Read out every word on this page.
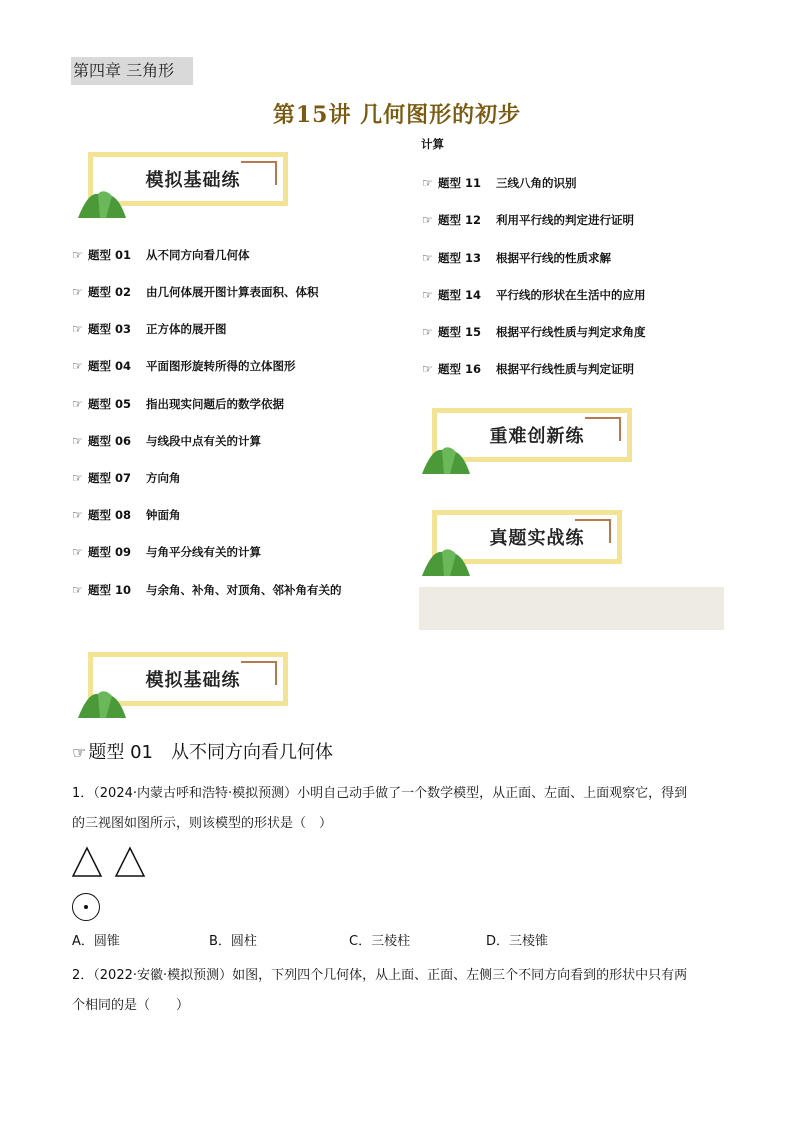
第四章 三角形
第15讲 几何图形的初步
模拟基础练
☞ 题型 01 从不同方向看几何体
☞ 题型 02 由几何体展开图计算表面积、体积
☞ 题型 03 正方体的展开图
☞ 题型 04 平面图形旋转所得的立体图形
☞ 题型 05 指出现实问题后的数学依据
☞ 题型 06 与线段中点有关的计算
☞ 题型 07 方向角
☞ 题型 08 钟面角
☞ 题型 09 与角平分线有关的计算
☞ 题型 10 与余角、补角、对顶角、邻补角有关的
计算
☞ 题型 11 三线八角的识别
☞ 题型 12 利用平行线的判定进行证明
☞ 题型 13 根据平行线的性质求解
☞ 题型 14 平行线的形状在生活中的应用
☞ 题型 15 根据平行线性质与判定求角度
☞ 题型 16 根据平行线性质与判定证明
重难创新练
真题实战练
模拟基础练
☞ 题型 01 从不同方向看几何体
1．（2024·内蒙古呼和浩特·模拟预测）小明自己动手做了一个数学模型，从正面、左面、上面观察它，得到
的三视图如图所示，则该模型的形状是（　）
A．圆锥	B．圆柱	C．三棱柱	D．三棱锥
2．（2022·安徽·模拟预测）如图，下列四个几何体，从上面、正面、左侧三个不同方向看到的形状中只有两
个相同的是（　　）
